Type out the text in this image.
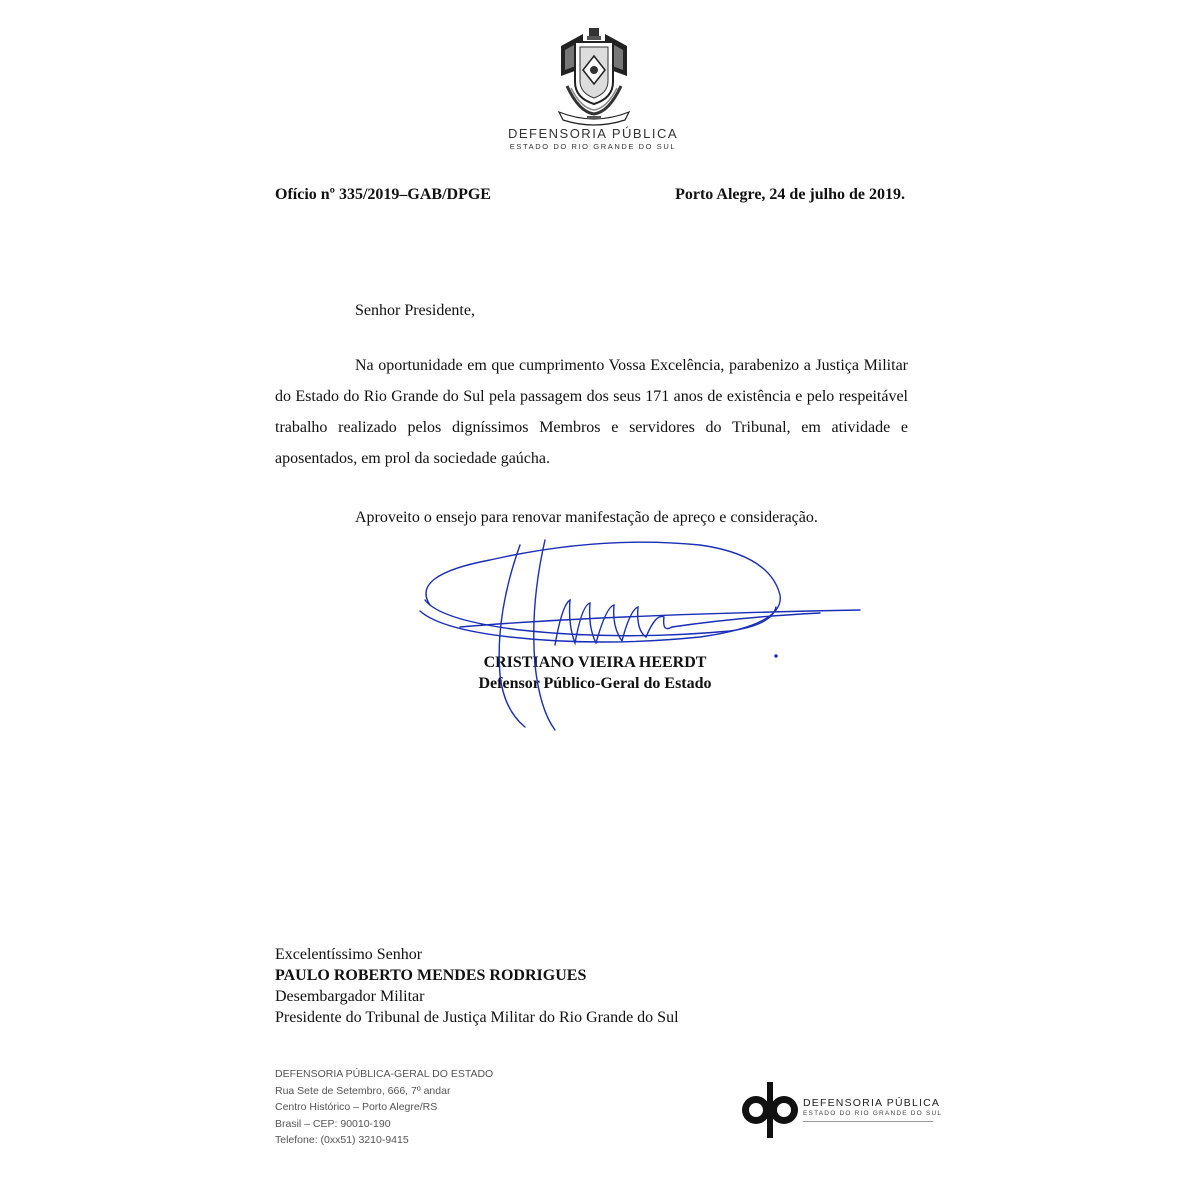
DEFENSORIA PÚBLICA
ESTADO DO RIO GRANDE DO SUL
Ofício nº 335/2019–GAB/DPGE	Porto Alegre, 24 de julho de 2019.
Senhor Presidente,
Na oportunidade em que cumprimento Vossa Excelência, parabenizo a Justiça Militar do Estado do Rio Grande do Sul pela passagem dos seus 171 anos de existência e pelo respeitável trabalho realizado pelos digníssimos Membros e servidores do Tribunal, em atividade e aposentados, em prol da sociedade gaúcha.
Aproveito o ensejo para renovar manifestação de apreço e consideração.
CRISTIANO VIEIRA HEERDT
Defensor Público-Geral do Estado
Excelentíssimo Senhor
PAULO ROBERTO MENDES RODRIGUES
Desembargador Militar
Presidente do Tribunal de Justiça Militar do Rio Grande do Sul
DEFENSORIA PÚBLICA-GERAL DO ESTADO
Rua Sete de Setembro, 666, 7º andar
Centro Histórico – Porto Alegre/RS
Brasil – CEP: 90010-190
Telefone: (0xx51) 3210-9415
DEFENSORIA PÚBLICA
ESTADO DO RIO GRANDE DO SUL
